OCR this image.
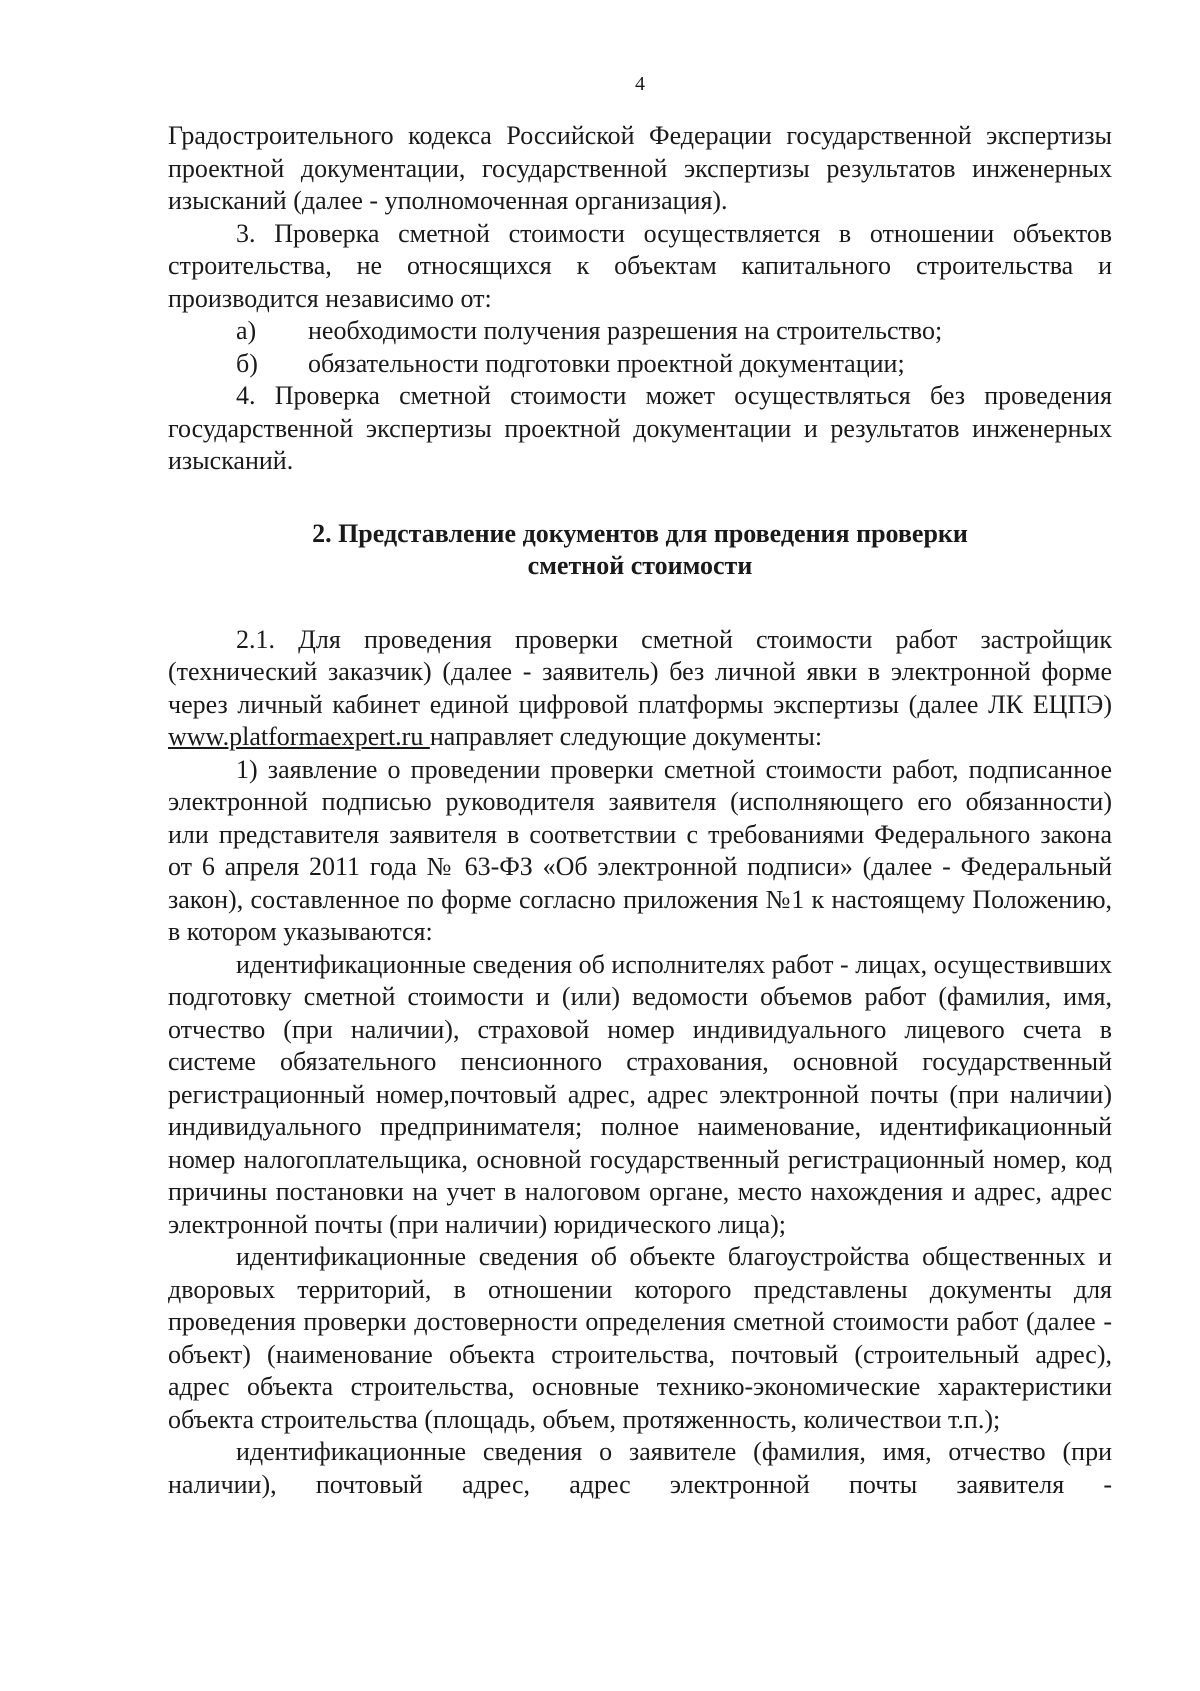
4

Градостроительного кодекса Российской Федерации государственной экспертизы проектной документации, государственной экспертизы результатов инженерных изысканий (далее - уполномоченная организация).

3. Проверка сметной стоимости осуществляется в отношении объектов строительства, не относящихся к объектам капитального строительства и производится независимо от:

а)	необходимости получения разрешения на строительство;
б)	обязательности подготовки проектной документации;

4. Проверка сметной стоимости может осуществляться без проведения государственной экспертизы проектной документации и результатов инженерных изысканий.

2. Представление документов для проведения проверки
сметной стоимости

2.1. Для проведения проверки сметной стоимости работ застройщик (технический заказчик) (далее - заявитель) без личной явки в электронной форме через личный кабинет единой цифровой платформы экспертизы (далее ЛК ЕЦПЭ) www.platformaexpert.ru направляет следующие документы:

1) заявление о проведении проверки сметной стоимости работ, подписанное электронной подписью руководителя заявителя (исполняющего его обязанности) или представителя заявителя в соответствии с требованиями Федерального закона от 6 апреля 2011 года № 63-ФЗ «Об электронной подписи» (далее - Федеральный закон), составленное по форме согласно приложения №1 к настоящему Положению, в котором указываются:

идентификационные сведения об исполнителях работ - лицах, осуществивших подготовку сметной стоимости и (или) ведомости объемов работ (фамилия, имя, отчество (при наличии), страховой номер индивидуального лицевого счета в системе обязательного пенсионного страхования, основной государственный регистрационный номер,почтовый адрес, адрес электронной почты (при наличии) индивидуального предпринимателя; полное наименование, идентификационный номер налогоплательщика, основной государственный регистрационный номер, код причины постановки на учет в налоговом органе, место нахождения и адрес, адрес электронной почты (при наличии) юридического лица);

идентификационные сведения об объекте благоустройства общественных и дворовых территорий, в отношении которого представлены документы для проведения проверки достоверности определения сметной стоимости работ (далее - объект) (наименование объекта строительства, почтовый (строительный адрес), адрес объекта строительства, основные технико-экономические характеристики объекта строительства (площадь, объем, протяженность, количествои т.п.);

идентификационные сведения о заявителе (фамилия, имя, отчество (при наличии), почтовый адрес, адрес электронной почты заявителя -
